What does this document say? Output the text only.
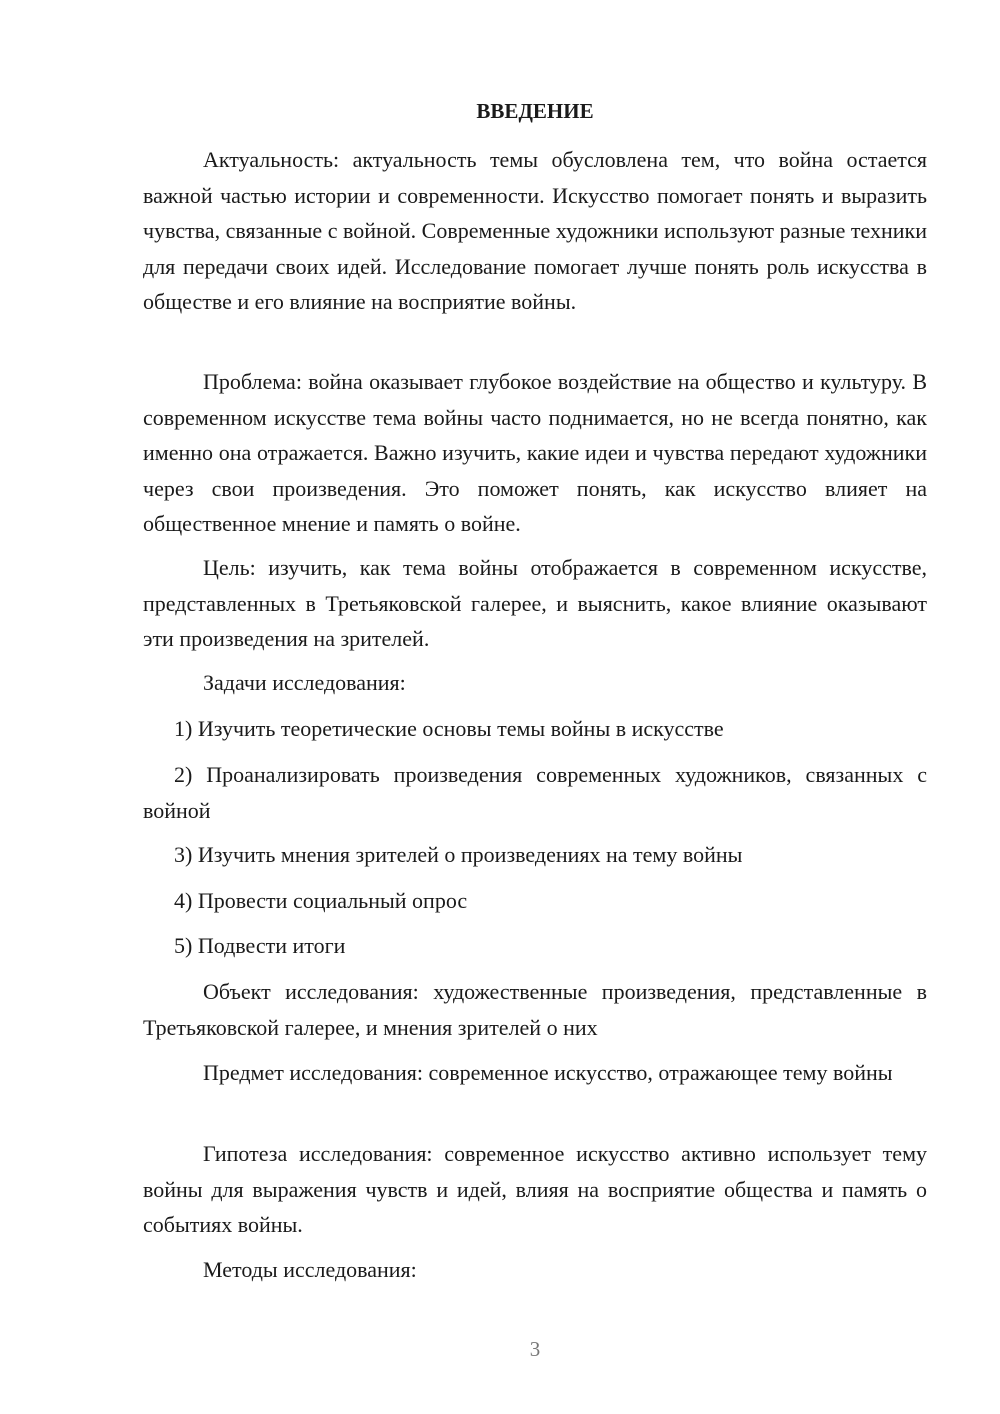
ВВЕДЕНИЕ

Актуальность: актуальность темы обусловлена тем, что война остается важной частью истории и современности. Искусство помогает понять и выразить чувства, связанные с войной. Современные художники используют разные техники для передачи своих идей. Исследование помогает лучше понять роль искусства в обществе и его влияние на восприятие войны.

Проблема: война оказывает глубокое воздействие на общество и культуру. В современном искусстве тема войны часто поднимается, но не всегда понятно, как именно она отражается. Важно изучить, какие идеи и чувства передают художники через свои произведения. Это поможет понять, как искусство влияет на общественное мнение и память о войне.

Цель: изучить, как тема войны отображается в современном искусстве, представленных в Третьяковской галерее, и выяснить, какое влияние оказывают эти произведения на зрителей.

Задачи исследования:

1) Изучить теоретические основы темы войны в искусстве

2) Проанализировать произведения современных художников, связанных с войной

3) Изучить мнения зрителей о произведениях на тему войны

4) Провести социальный опрос

5) Подвести итоги

Объект исследования: художественные произведения, представленные в Третьяковской галерее, и мнения зрителей о них

Предмет исследования: современное искусство, отражающее тему войны

Гипотеза исследования: современное искусство активно использует тему войны для выражения чувств и идей, влияя на восприятие общества и память о событиях войны.

Методы исследования:

3
